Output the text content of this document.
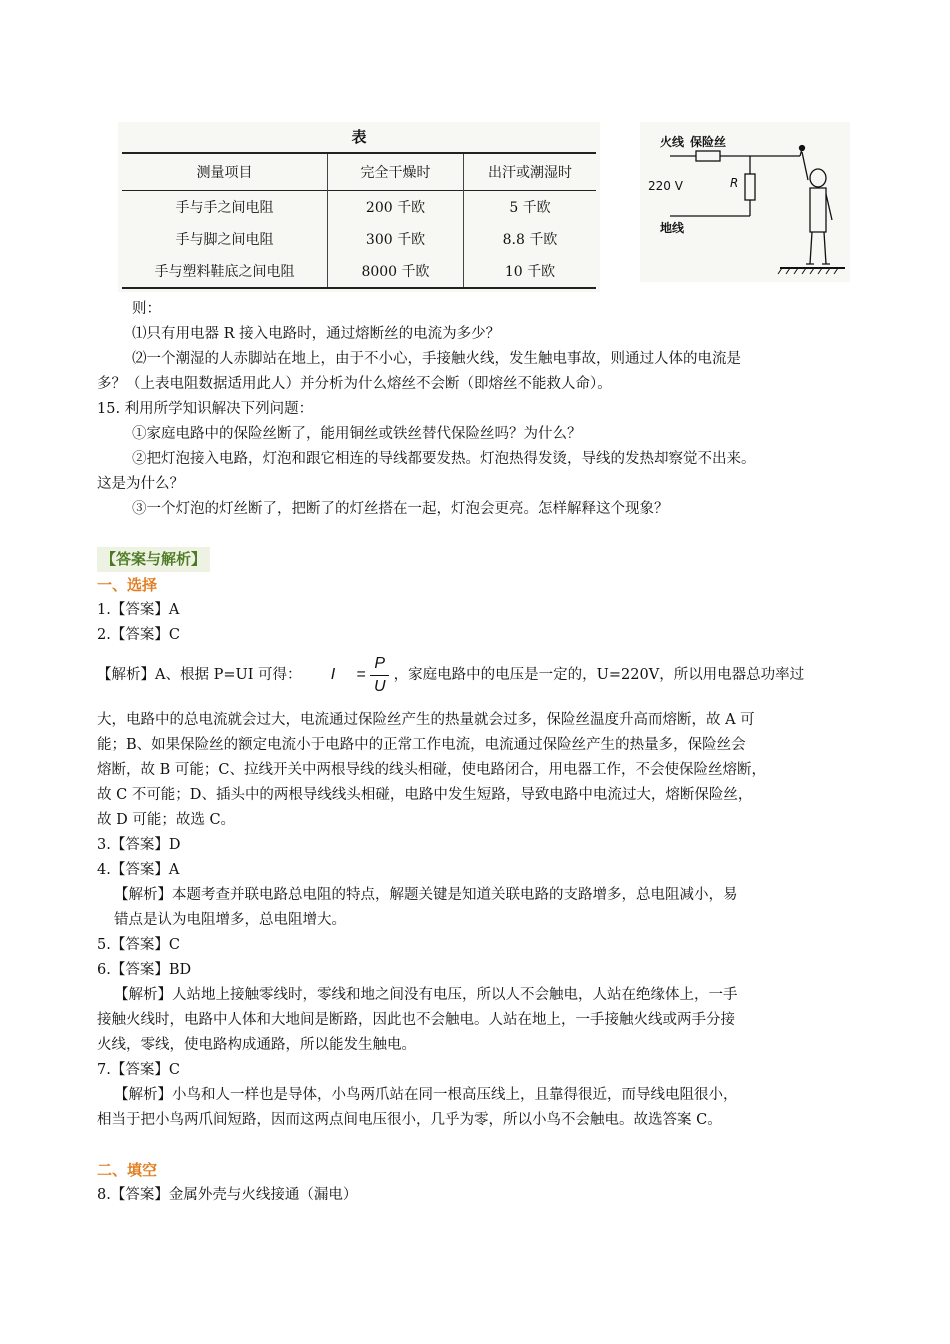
表
测量项目	完全干燥时	出汗或潮湿时
手与手之间电阻	200 千欧	5 千欧
手与脚之间电阻	300 千欧	8.8 千欧
手与塑料鞋底之间电阻	8000 千欧	10 千欧
火线 保险丝
220 V	R
地线
则：
⑴只有用电器 R 接入电路时，通过熔断丝的电流为多少？
⑵一个潮湿的人赤脚站在地上，由于不小心，手接触火线，发生触电事故，则通过人体的电流是
多？（上表电阻数据适用此人）并分析为什么熔丝不会断（即熔丝不能救人命）。
15. 利用所学知识解决下列问题：
①家庭电路中的保险丝断了，能用铜丝或铁丝替代保险丝吗？为什么？
②把灯泡接入电路，灯泡和跟它相连的导线都要发热。灯泡热得发烫，导线的发热却察觉不出来。
这是为什么？
③一个灯泡的灯丝断了，把断了的灯丝搭在一起，灯泡会更亮。怎样解释这个现象？
【答案与解析】
一、选择
1.【答案】A
2.【答案】C
【解析】A、根据 P=UI 可得： $I = \frac{P}{U}$ ，家庭电路中的电压是一定的，U=220V，所以用电器总功率过
大，电路中的总电流就会过大，电流通过保险丝产生的热量就会过多，保险丝温度升高而熔断，故 A 可
能；B、如果保险丝的额定电流小于电路中的正常工作电流，电流通过保险丝产生的热量多，保险丝会
熔断，故 B 可能；C、拉线开关中两根导线的线头相碰，使电路闭合，用电器工作，不会使保险丝熔断，
故 C 不可能；D、插头中的两根导线线头相碰，电路中发生短路，导致电路中电流过大，熔断保险丝，
故 D 可能；故选 C。
3.【答案】D
4.【答案】A
【解析】本题考查并联电路总电阻的特点，解题关键是知道关联电路的支路增多，总电阻减小，易
错点是认为电阻增多，总电阻增大。
5.【答案】C
6.【答案】BD
【解析】人站地上接触零线时，零线和地之间没有电压，所以人不会触电，人站在绝缘体上，一手
接触火线时，电路中人体和大地间是断路，因此也不会触电。人站在地上，一手接触火线或两手分接
火线，零线，使电路构成通路，所以能发生触电。
7.【答案】C
【解析】小鸟和人一样也是导体，小鸟两爪站在同一根高压线上，且靠得很近，而导线电阻很小，
相当于把小鸟两爪间短路，因而这两点间电压很小，几乎为零，所以小鸟不会触电。故选答案 C。
二、填空
8.【答案】金属外壳与火线接通（漏电）
